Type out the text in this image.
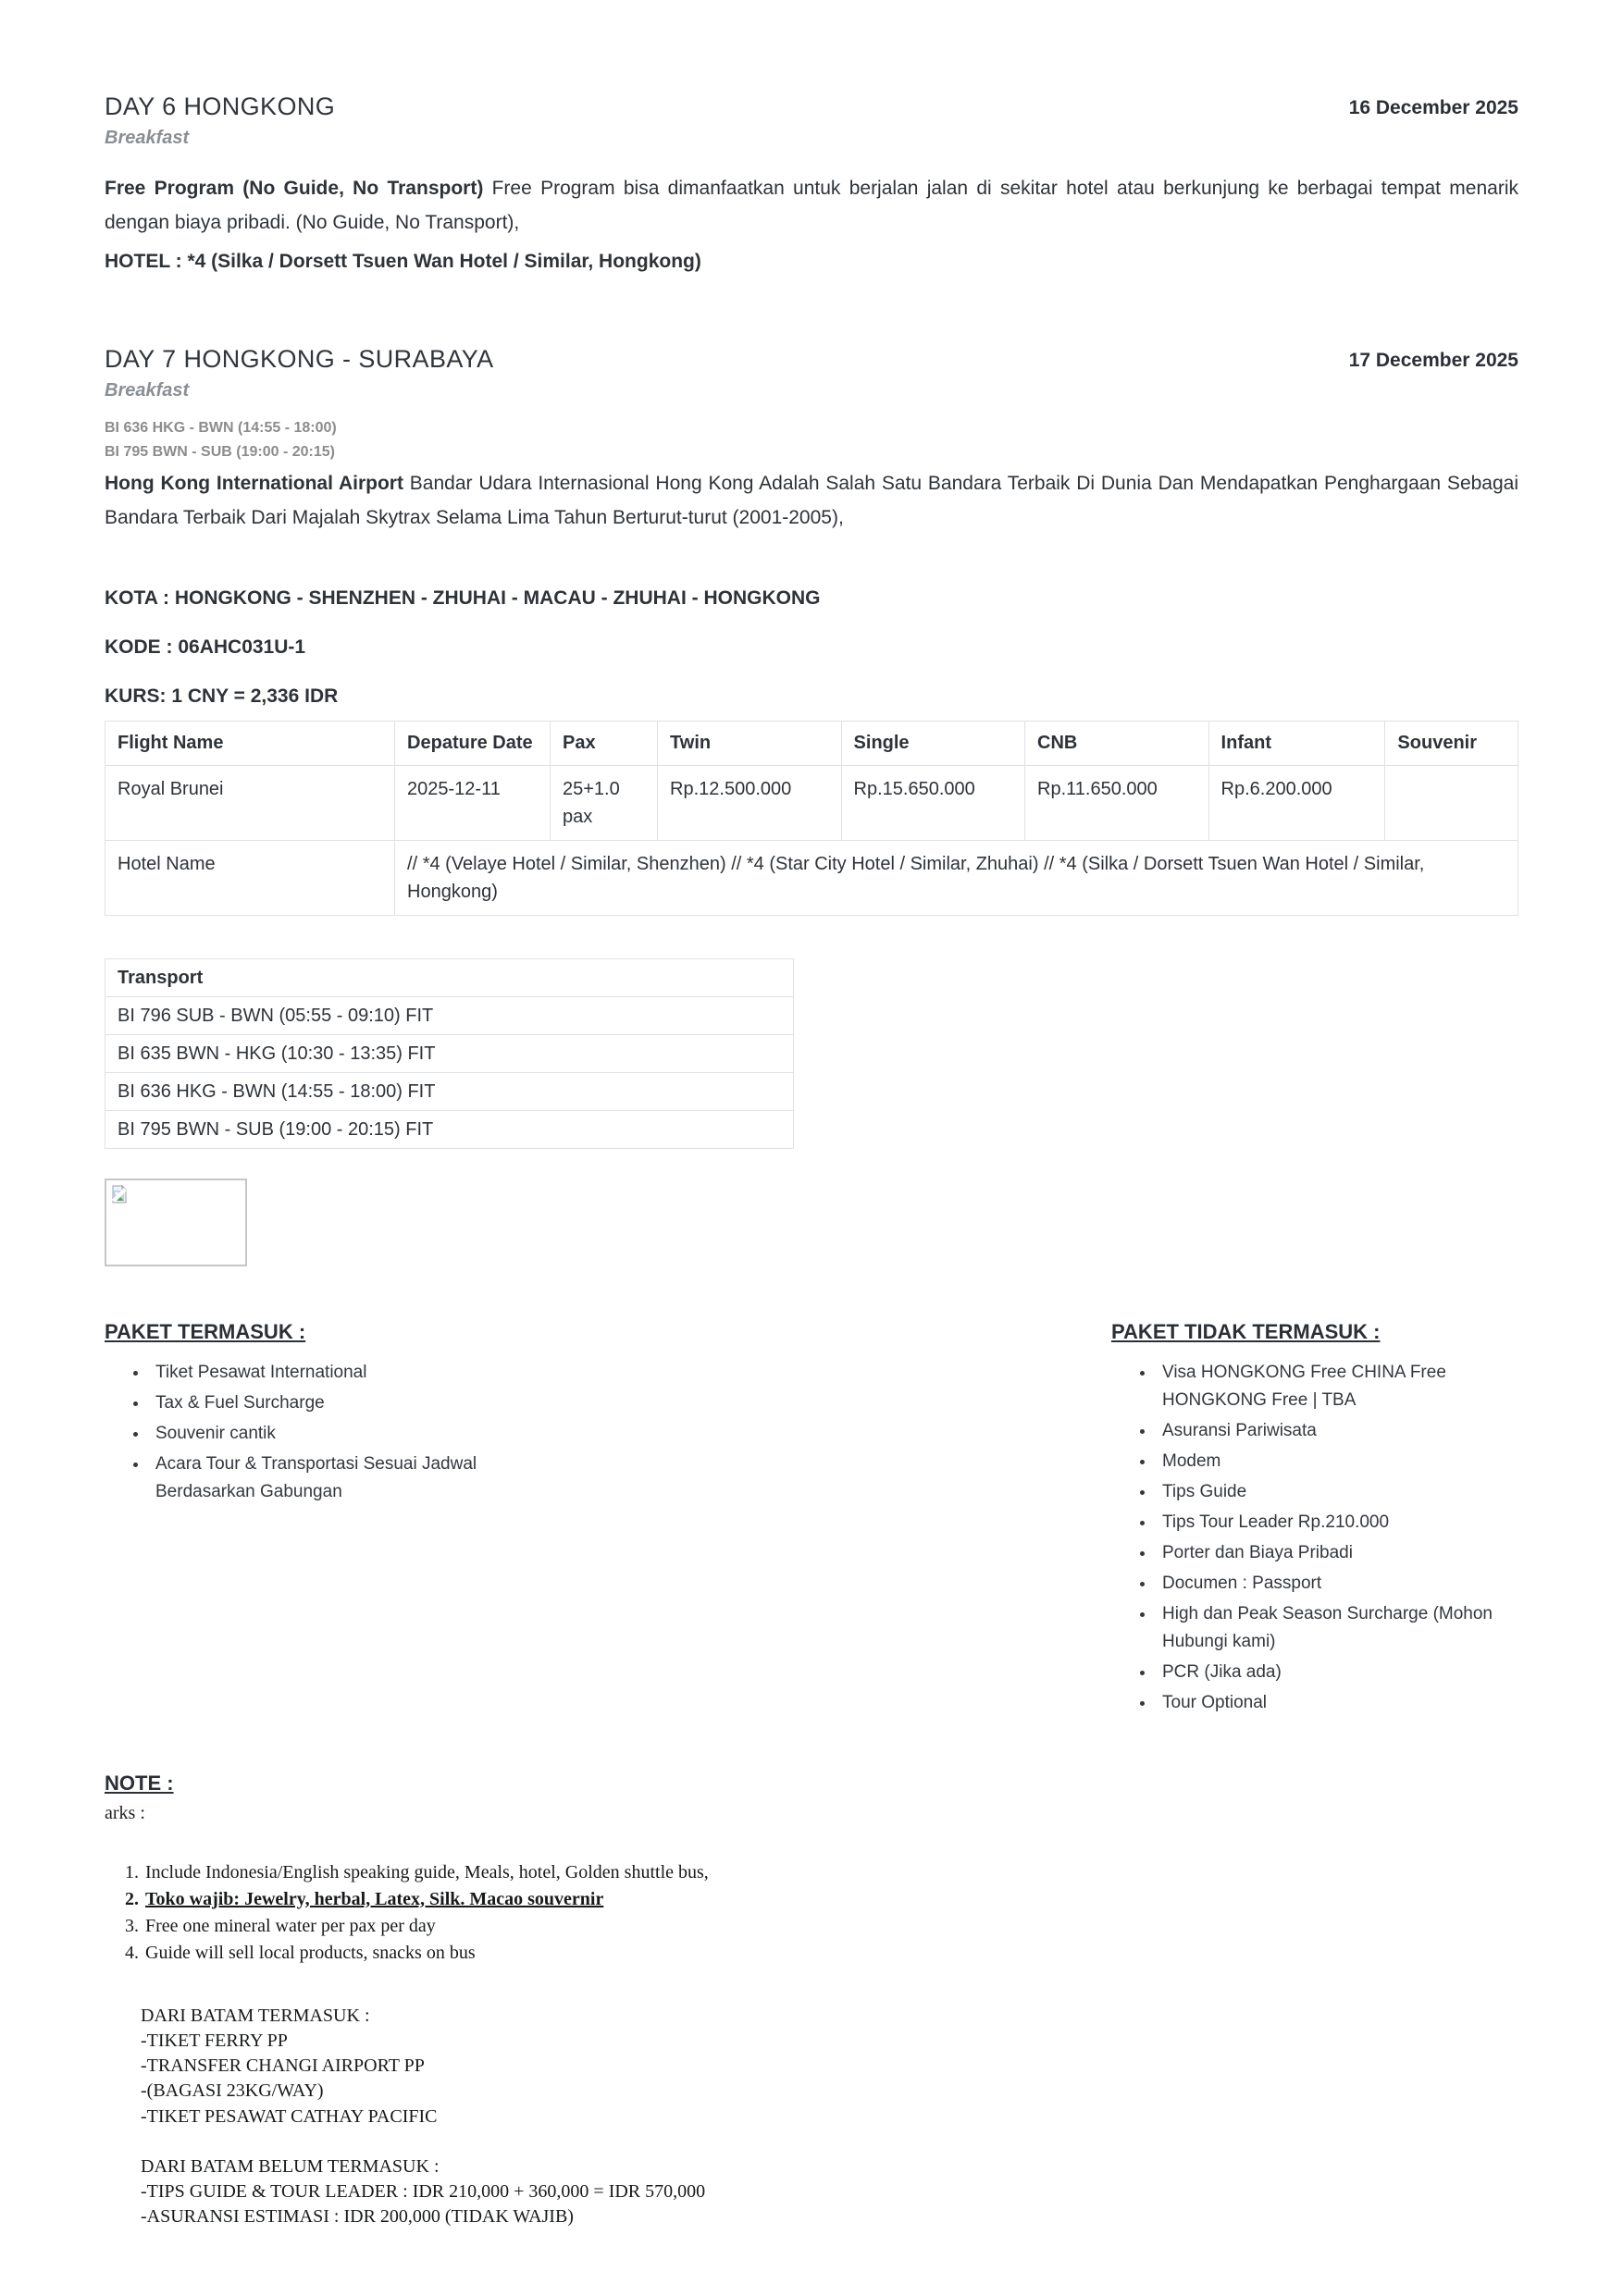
DAY 6 HONGKONG	16 December 2025
Breakfast
Free Program (No Guide, No Transport) Free Program bisa dimanfaatkan untuk berjalan jalan di sekitar hotel atau berkunjung ke berbagai tempat menarik dengan biaya pribadi. (No Guide, No Transport),
HOTEL : *4 (Silka / Dorsett Tsuen Wan Hotel / Similar, Hongkong)
DAY 7 HONGKONG - SURABAYA	17 December 2025
Breakfast
BI 636 HKG - BWN (14:55 - 18:00)
BI 795 BWN - SUB (19:00 - 20:15)
Hong Kong International Airport Bandar Udara Internasional Hong Kong Adalah Salah Satu Bandara Terbaik Di Dunia Dan Mendapatkan Penghargaan Sebagai Bandara Terbaik Dari Majalah Skytrax Selama Lima Tahun Berturut-turut (2001-2005),

KOTA : HONGKONG - SHENZHEN - ZHUHAI - MACAU - ZHUHAI - HONGKONG

KODE : 06AHC031U-1

KURS: 1 CNY = 2,336 IDR

Flight Name	Depature Date	Pax	Twin	Single	CNB	Infant	Souvenir
Royal Brunei	2025-12-11	25+1.0 pax	Rp.12.500.000	Rp.15.650.000	Rp.11.650.000	Rp.6.200.000	
Hotel Name	// *4 (Velaye Hotel / Similar, Shenzhen) // *4 (Star City Hotel / Similar, Zhuhai) // *4 (Silka / Dorsett Tsuen Wan Hotel / Similar, Hongkong)						
Transport
BI 796 SUB - BWN (05:55 - 09:10) FIT
BI 635 BWN - HKG (10:30 - 13:35) FIT
BI 636 HKG - BWN (14:55 - 18:00) FIT
BI 795 BWN - SUB (19:00 - 20:15) FIT
PAKET TERMASUK :
• Tiket Pesawat International
• Tax & Fuel Surcharge
• Souvenir cantik
• Acara Tour & Transportasi Sesuai Jadwal Berdasarkan Gabungan
PAKET TIDAK TERMASUK :
• Visa HONGKONG Free CHINA Free HONGKONG Free | TBA
• Asuransi Pariwisata
• Modem
• Tips Guide
• Tips Tour Leader Rp.210.000
• Porter dan Biaya Pribadi
• Documen : Passport
• High dan Peak Season Surcharge (Mohon Hubungi kami)
• PCR (Jika ada)
• Tour Optional
NOTE :
arks :
1. Include Indonesia/English speaking guide, Meals, hotel, Golden shuttle bus,
2. Toko wajib: Jewelry, herbal, Latex, Silk. Macao souvernir
3. Free one mineral water per pax per day
4. Guide will sell local products, snacks on bus

DARI BATAM TERMASUK :

-TIKET FERRY PP

-TRANSFER CHANGI AIRPORT PP

-(BAGASI 23KG/WAY)

-TIKET PESAWAT CATHAY PACIFIC

DARI BATAM BELUM TERMASUK :

-TIPS GUIDE & TOUR LEADER : IDR 210,000 + 360,000 = IDR 570,000

-ASURANSI ESTIMASI : IDR 200,000 (TIDAK WAJIB)
